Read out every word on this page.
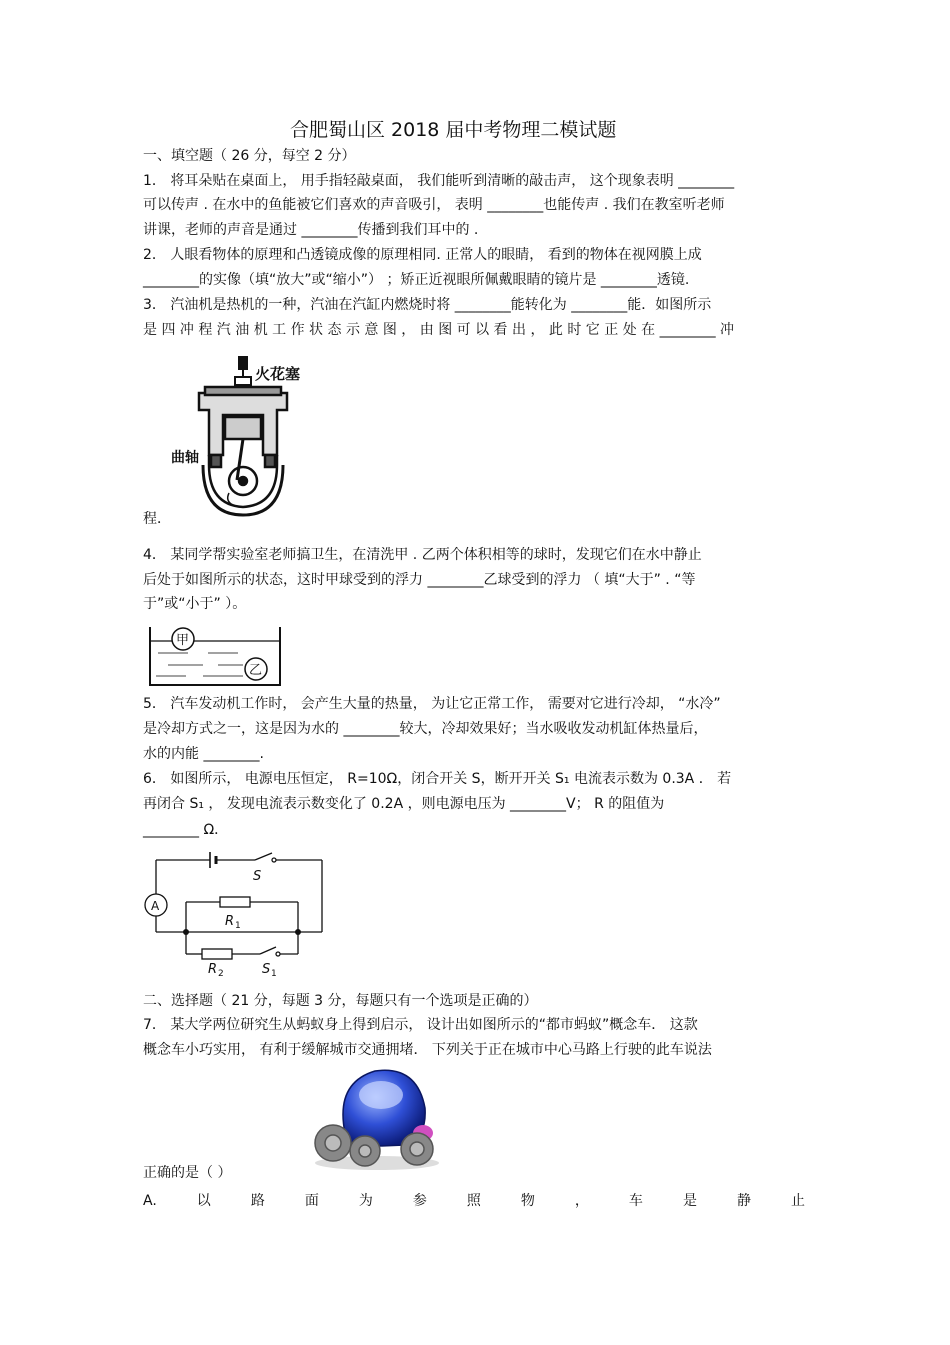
合肥蜀山区 2018 届中考物理二模试题
一、填空题（ 26 分，每空 2 分）
1． 将耳朵贴在桌面上， 用手指轻敲桌面， 我们能听到清晰的敲击声， 这个现象表明 ________
可以传声 . 在水中的鱼能被它们喜欢的声音吸引， 表明 ________也能传声 . 我们在教室听老师
讲课，老师的声音是通过 ________传播到我们耳中的 .
2． 人眼看物体的原理和凸透镜成像的原理相同. 正常人的眼睛， 看到的物体在视网膜上成
________的实像（填“放大”或“缩小”） ；矫正近视眼所佩戴眼睛的镜片是 ________透镜.
3． 汽油机是热机的一种，汽油在汽缸内燃烧时将 ________能转化为 ________能．如图所示
是 四 冲 程 汽 油 机 工 作 状 态 示 意 图 ， 由 图 可 以 看 出 ， 此 时 它 正 处 在 ________ 冲
火花塞
曲轴
程．
4． 某同学帮实验室老师搞卫生，在清洗甲 . 乙两个体积相等的球时，发现它们在水中静止
后处于如图所示的状态，这时甲球受到的浮力 ________乙球受到的浮力 （ 填“大于” . “等
于”或“小于” ）。
甲
乙
5． 汽车发动机工作时， 会产生大量的热量， 为让它正常工作， 需要对它进行冷却， “水冷”
是冷却方式之一，这是因为水的 ________较大，冷却效果好；当水吸收发动机缸体热量后，
水的内能 ________.
6． 如图所示， 电源电压恒定， R=10Ω，闭合开关 S，断开开关 S₁ 电流表示数为 0.3A ． 若
再闭合 S₁ ， 发现电流表示数变化了 0.2A ，则电源电压为 ________V； R 的阻值为
________ Ω．
A
S
R 1
R 2	S 1
二、选择题（ 21 分，每题 3 分，每题只有一个选项是正确的）
7． 某大学两位研究生从蚂蚁身上得到启示， 设计出如图所示的“都市蚂蚁”概念车． 这款
概念车小巧实用， 有利于缓解城市交通拥堵． 下列关于正在城市中心马路上行驶的此车说法
正确的是（ ）
A.	以	路	面	为	参	照	物	，	车	是	静	止
